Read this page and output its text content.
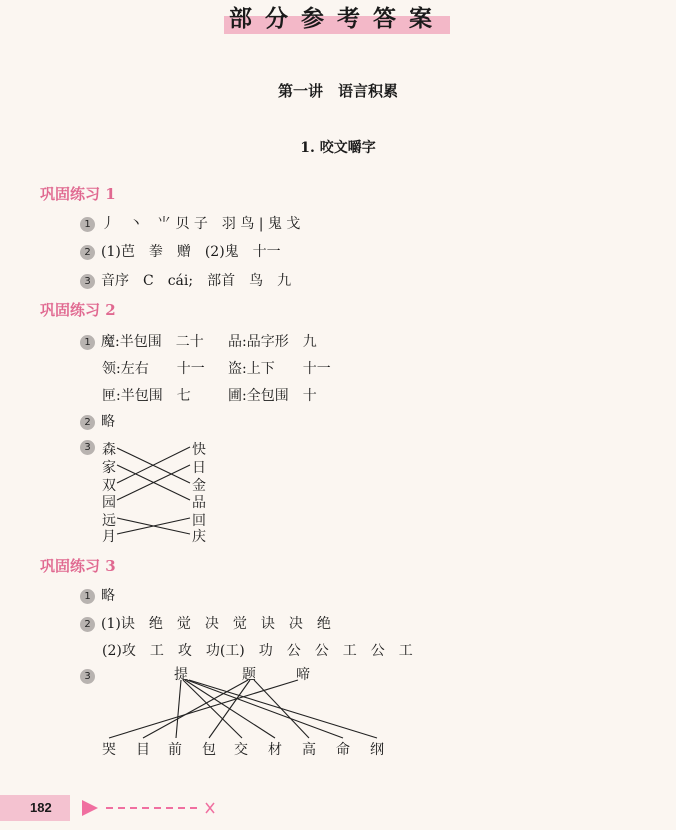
部分参考答案
第一讲　语言积累
1. 咬文嚼字
巩固练习 1
1 丿　丶　⺌ 贝 子　羽 鸟 | 鬼 戈
2 (1)芭　拳　赠　(2)鬼　十一
3 音序　C　cái;　部首　鸟　九
巩固练习 2
1 魔:半包围　二十 品:品字形　九
领:左右　　十一 盗:上下　　十一
匣:半包围　七	圃:全包围　十
2 略
3 森
家
双
园
远
月
快
日
金
品
回
庆
巩固练习 3
1 略
2 (1)诀　绝　觉　决　觉　诀　决　绝
(2)攻　工　攻　功(工)　功　公　公　工　公　工
3	提	题	啼
哭 目 前 包 交 材 高 命 纲
182
